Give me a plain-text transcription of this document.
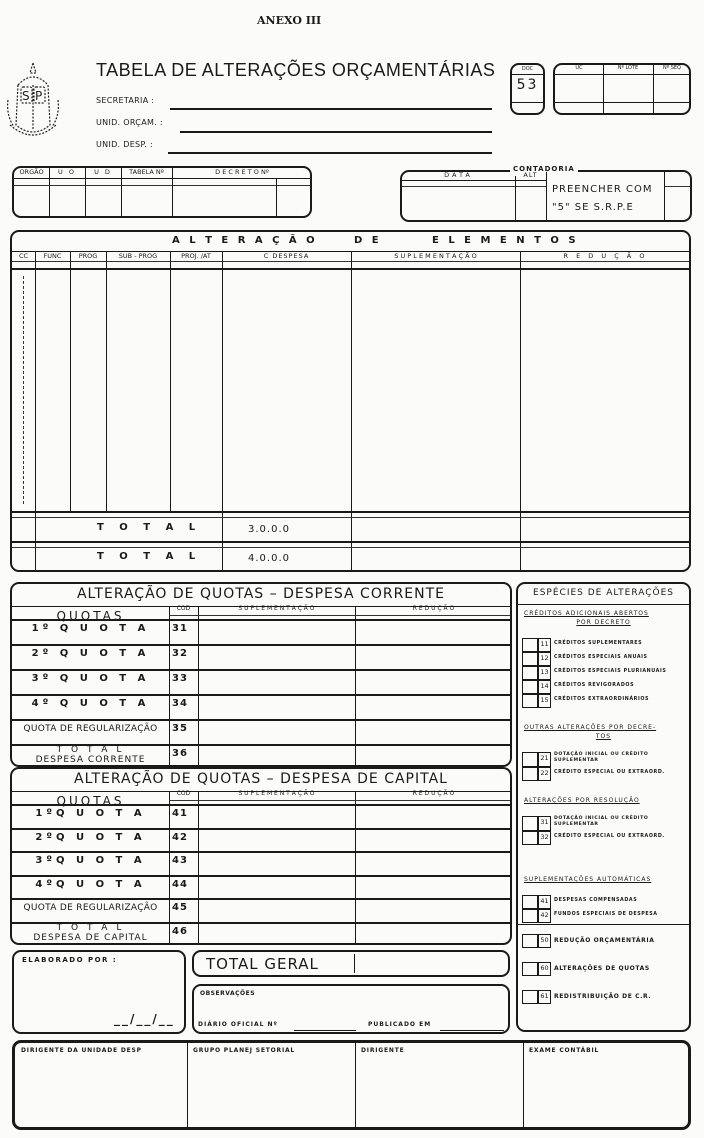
ANEXO III
S P
TABELA DE ALTERAÇÕES ORÇAMENTÁRIAS
SECRETARIA :
UNID. ORÇAM. :
UNID. DESP. :
DOC
53
UC	Nº LOTE	Nº SEQ
ORGÃO	U O	U D	TABELA Nº	D E C R E T O Nº	CONTADORIA
DATA	ALT
PREENCHER COM
"5" SE S.R.P.E
A L T E R A Ç Ã O	D E	E L E M E N T O S
CC	FUNC	PROG	SUB - PROG	PROJ. /AT	C DESPESA	S U P L E M E N T A Ç Ã O	R E D U Ç Ã O
T O T A L	3.0.0.0
T O T A L	4.0.0.0
ALTERAÇÃO DE QUOTAS – DESPESA CORRENTE
QUOTAS
COD	S U P L E M E N T A Ç Ã O	R E D U Ç Ã O
1º Q U O T A	31
2º Q U O T A	32
3º Q U O T A	33
4º Q U O T A	34
QUOTA DE REGULARIZAÇÃO	35
T O T A L
DESPESA CORRENTE
36
ALTERAÇÃO DE QUOTAS – DESPESA DE CAPITAL
QUOTAS
COD	S U P L E M E N T A Ç Ã O	R E D U Ç Ã O
1ºQ U O T A	41
2ºQ U O T A	42
3ºQ U O T A	43
4ºQ U O T A	44
QUOTA DE REGULARIZAÇÃO	45
T O T A L
DESPESA DE CAPITAL
46
ESPÉCIES DE ALTERAÇÕES
CRÉDITOS ADICIONAIS ABERTOS
POR DECRETO
11	CRÉDITOS SUPLEMENTARES
12	CRÉDITOS ESPECIAIS ANUAIS
13	CRÉDITOS ESPECIAIS PLURIANUAIS
14	CRÉDITOS REVIGORADOS
15	CRÉDITOS EXTRAORDINÁRIOS
OUTRAS ALTERAÇÕES POR DECRE-
TOS
21	DOTAÇÃO INICIAL OU CRÉDITO
SUPLEMENTAR
22	CRÉDITO ESPECIAL OU EXTRAORD.
ALTERAÇÕES POR RESOLUÇÃO
31	DOTAÇÃO INICIAL OU CRÉDITO
SUPLEMENTAR
32	CRÉDITO ESPECIAL OU EXTRAORD.
SUPLEMENTAÇÕES AUTOMÁTICAS
41	DESPESAS COMPENSADAS
42	FUNDOS ESPECIAIS DE DESPESA
50 REDUÇÃO ORÇAMENTÁRIA
60 ALTERAÇÕES DE QUOTAS
61 REDISTRIBUIÇÃO DE C.R.
ELABORADO POR :
__/__/__
TOTAL GERAL
OBSERVAÇÕES
DIÁRIO OFICIAL Nº	PUBLICADO EM
DIRIGENTE DA UNIDADE DESP	GRUPO PLANEJ SETORIAL	DIRIGENTE	EXAME CONTÁBIL
